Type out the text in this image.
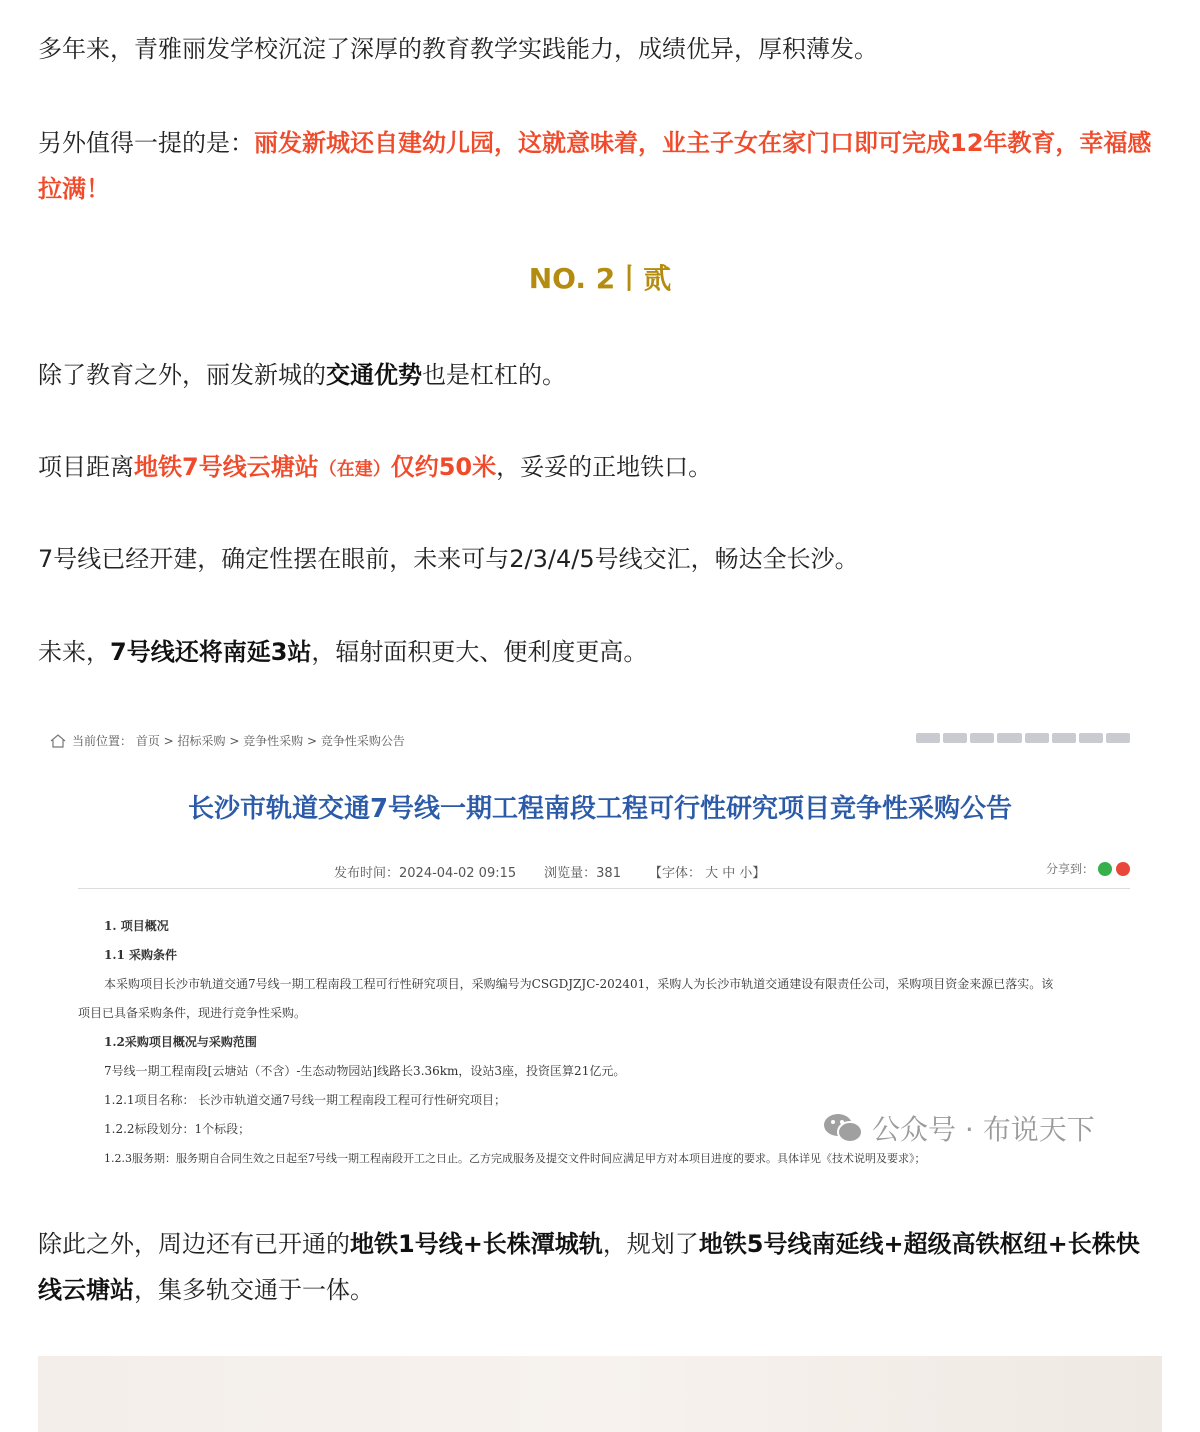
多年来，青雅丽发学校沉淀了深厚的教育教学实践能力，成绩优异，厚积薄发。

另外值得一提的是：丽发新城还自建幼儿园，这就意味着，业主子女在家门口即可完成12年教育，幸福感拉满！

NO. 2丨贰

除了教育之外，丽发新城的交通优势也是杠杠的。

项目距离地铁7号线云塘站（在建）仅约50米，妥妥的正地铁口。

7号线已经开建，确定性摆在眼前，未来可与2/3/4/5号线交汇，畅达全长沙。

未来，7号线还将南延3站，辐射面积更大、便利度更高。

当前位置： 首页 > 招标采购 > 竞争性采购 > 竞争性采购公告
长沙市轨道交通7号线一期工程南段工程可行性研究项目竞争性采购公告
发布时间：2024-04-02 09:15 浏览量：381 【字体： 大 中 小】	分享到：

1. 项目概况

1.1 采购条件

本采购项目长沙市轨道交通7号线一期工程南段工程可行性研究项目，采购编号为CSGDJZJC-202401，采购人为长沙市轨道交通建设有限责任公司，采购项目资金来源已落实。该

项目已具备采购条件，现进行竞争性采购。

1.2采购项目概况与采购范围

7号线一期工程南段[云塘站（不含）-生态动物园站]线路长3.36km，设站3座，投资匡算21亿元。

1.2.1项目名称： 长沙市轨道交通7号线一期工程南段工程可行性研究项目；

1.2.2标段划分：1个标段；

1.2.3服务期：服务期自合同生效之日起至7号线一期工程南段开工之日止。乙方完成服务及提交文件时间应满足甲方对本项目进度的要求。具体详见《技术说明及要求》；

公众号 · 布说天下

除此之外，周边还有已开通的地铁1号线+长株潭城轨，规划了地铁5号线南延线+超级高铁枢纽+长株快线云塘站，集多轨交通于一体。
